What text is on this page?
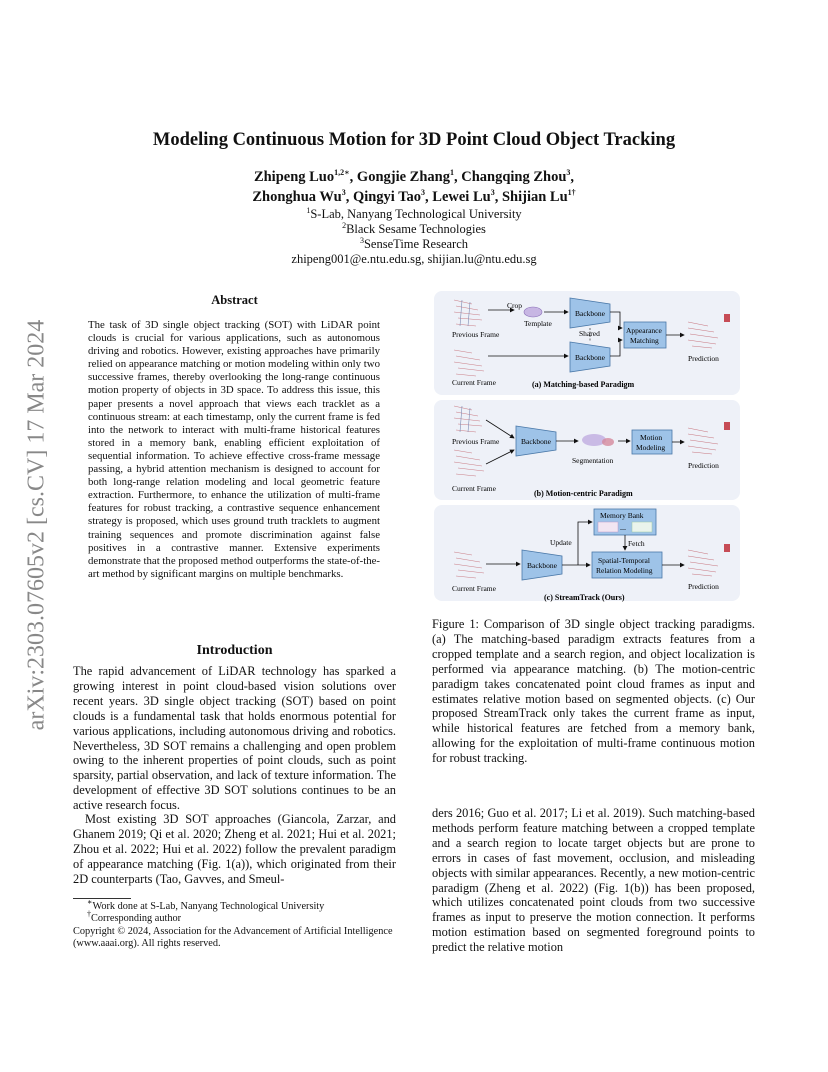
Modeling Continuous Motion for 3D Point Cloud Object Tracking
Zhipeng Luo$^{1,2∗}$, Gongjie Zhang$^1$, Changqing Zhou$^3$,
Zhonghua Wu$^3$, Qingyi Tao$^3$, Lewei Lu$^3$, Shijian $Lu^{1\dagger}$
$^1$S-Lab, Nanyang Technological University
$^2$Black Sesame Technologies
$^3$SenseTime Research
zhipeng001@e.ntu.edu.sg, shijian.lu@ntu.edu.sg
arXiv:2303.07605v2 [cs.CV] 17 Mar 2024
Abstract
The task of 3D single object tracking (SOT) with LiDAR point clouds is crucial for various applications, such as autonomous driving and robotics. However, existing approaches have primarily relied on appearance matching or motion modeling within only two successive frames, thereby overlooking the long-range continuous motion property of objects in 3D space. To address this issue, this paper presents a novel approach that views each tracklet as a continuous stream: at each timestamp, only the current frame is fed into the network to interact with multi-frame historical features stored in a memory bank, enabling efficient exploitation of sequential information. To achieve effective cross-frame message passing, a hybrid attention mechanism is designed to account for both long-range relation modeling and local geometric feature extraction. Furthermore, to enhance the utilization of multi-frame features for robust tracking, a contrastive sequence enhancement strategy is proposed, which uses ground truth tracklets to augment training sequences and promote discrimination against false positives in a contrastive manner. Extensive experiments demonstrate that the proposed method outperforms the state-of-the-art method by significant margins on multiple benchmarks.
Introduction
The rapid advancement of LiDAR technology has sparked a growing interest in point cloud-based vision solutions over recent years. 3D single object tracking (SOT) based on point clouds is a fundamental task that holds enormous potential for various applications, including autonomous driving and robotics. Nevertheless, 3D SOT remains a challenging and open problem owing to the inherent properties of point clouds, such as point sparsity, partial observation, and lack of texture information. The development of effective 3D SOT solutions continues to be an active research focus.
Most existing 3D SOT approaches (Giancola, Zarzar, and Ghanem 2019; Qi et al. 2020; Zheng et al. 2021; Hui et al. 2021; Zhou et al. 2022; Hui et al. 2022) follow the prevalent paradigm of appearance matching (Fig. 1(a)), which originated from their 2D counterparts (Tao, Gavves, and Smeul-
∗Work done at S-Lab, Nanyang Technological University
†Corresponding author
Copyright © 2024, Association for the Advancement of Artificial Intelligence (www.aaai.org). All rights reserved.
Previous Frame
Current Frame
Crop
Template
Backbone
Backbone
Shared	Appearance
Matching
Prediction
(a) Matching-based Paradigm
Previous Frame
Current Frame
Backbone
Segmentation
Motion
Modeling
Prediction
(b) Motion-centric Paradigm
Memory Bank
...
Current Frame
Backbone
Update	Fetch
Spatial-Temporal
Relation Modeling
Prediction
(c) StreamTrack (Ours)
Figure 1: Comparison of 3D single object tracking paradigms. (a) The matching-based paradigm extracts features from a cropped template and a search region, and object localization is performed via appearance matching. (b) The motion-centric paradigm takes concatenated point cloud frames as input and estimates relative motion based on segmented objects. (c) Our proposed StreamTrack only takes the current frame as input, while historical features are fetched from a memory bank, allowing for the exploitation of multi-frame continuous motion for robust tracking.
ders 2016; Guo et al. 2017; Li et al. 2019). Such matching-based methods perform feature matching between a cropped template and a search region to locate target objects but are prone to errors in cases of fast movement, occlusion, and misleading objects with similar appearances. Recently, a new motion-centric paradigm (Zheng et al. 2022) (Fig. 1(b)) has been proposed, which utilizes concatenated point clouds from two successive frames as input to preserve the motion connection. It performs motion estimation based on segmented foreground points to predict the relative motion
